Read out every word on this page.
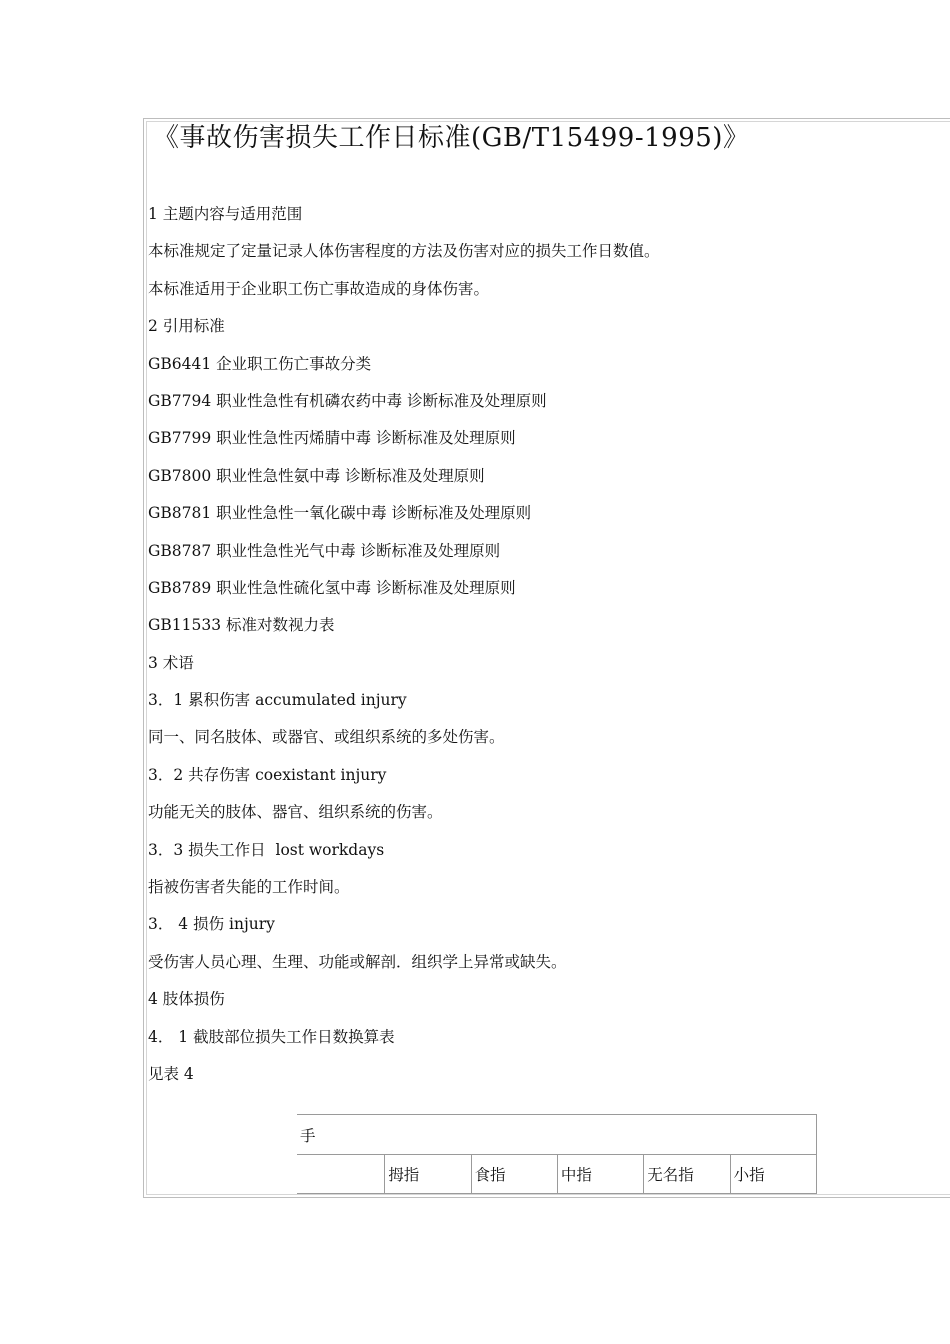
《事故伤害损失工作日标准(GB/T15499-1995)》
1 主题内容与适用范围
本标准规定了定量记录人体伤害程度的方法及伤害对应的损失工作日数值。
本标准适用于企业职工伤亡事故造成的身体伤害。
2 引用标准
GB6441 企业职工伤亡事故分类
GB7794 职业性急性有机磷农药中毒 诊断标准及处理原则
GB7799 职业性急性丙烯腈中毒 诊断标准及处理原则
GB7800 职业性急性氨中毒 诊断标准及处理原则
GB8781 职业性急性一氧化碳中毒 诊断标准及处理原则
GB8787 职业性急性光气中毒 诊断标准及处理原则
GB8789 职业性急性硫化氢中毒 诊断标准及处理原则
GB11533 标准对数视力表
3 术语
3．1 累积伤害 accumulated injury
同一、同名肢体、或器官、或组织系统的多处伤害。
3．2 共存伤害 coexistant injury
功能无关的肢体、器官、组织系统的伤害。
3．3 损失工作日  lost workdays
指被伤害者失能的工作时间。
3． 4 损伤 injury
受伤害人员心理、生理、功能或解剖．组织学上异常或缺失。
4 肢体损伤
4． 1 截肢部位损失工作日数换算表
见表 4
手
	拇指	食指	中指	无名指	小指
